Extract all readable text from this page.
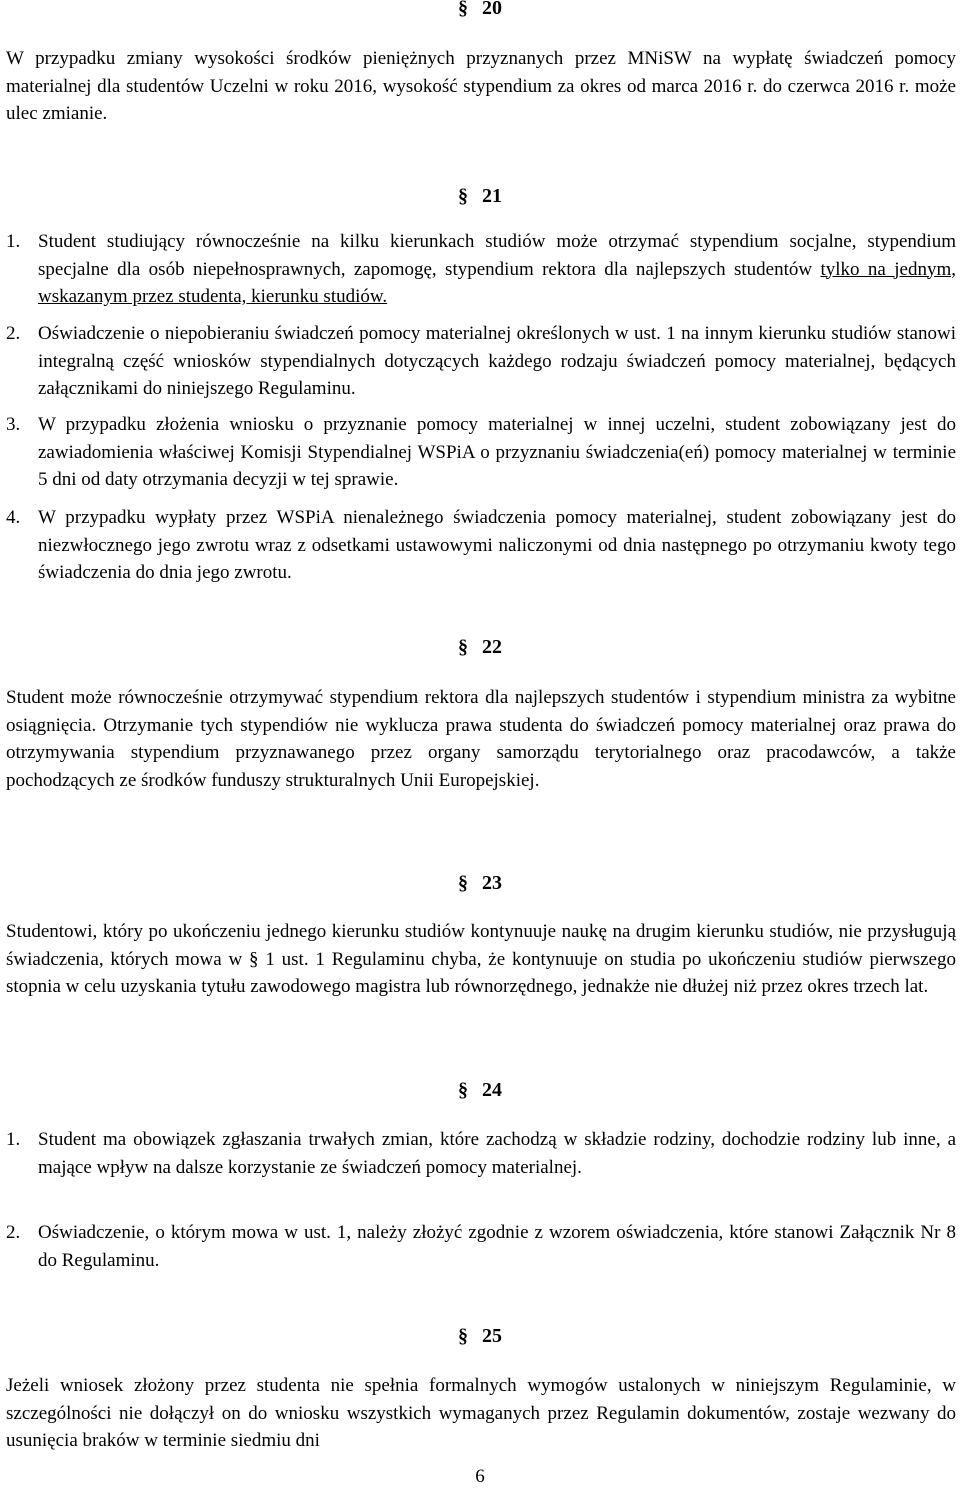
§ 20

W przypadku zmiany wysokości środków pieniężnych przyznanych przez MNiSW na wypłatę świadczeń pomocy materialnej dla studentów Uczelni w roku 2016, wysokość stypendium za okres od marca 2016 r. do czerwca 2016 r. może ulec zmianie.

§ 21
1. Student studiujący równocześnie na kilku kierunkach studiów może otrzymać stypendium socjalne, stypendium specjalne dla osób niepełnosprawnych, zapomogę, stypendium rektora dla najlepszych studentów tylko na jednym, wskazanym przez studenta, kierunku studiów.
2. Oświadczenie o niepobieraniu świadczeń pomocy materialnej określonych w ust. 1 na innym kierunku studiów stanowi integralną część wniosków stypendialnych dotyczących każdego rodzaju świadczeń pomocy materialnej, będących załącznikami do niniejszego Regulaminu.
3. W przypadku złożenia wniosku o przyznanie pomocy materialnej w innej uczelni, student zobowiązany jest do zawiadomienia właściwej Komisji Stypendialnej WSPiA o przyznaniu świadczenia(eń) pomocy materialnej w terminie 5 dni od daty otrzymania decyzji w tej sprawie.
4. W przypadku wypłaty przez WSPiA nienależnego świadczenia pomocy materialnej, student zobowiązany jest do niezwłocznego jego zwrotu wraz z odsetkami ustawowymi naliczonymi od dnia następnego po otrzymaniu kwoty tego świadczenia do dnia jego zwrotu.
§ 22

Student może równocześnie otrzymywać stypendium rektora dla najlepszych studentów i stypendium ministra za wybitne osiągnięcia. Otrzymanie tych stypendiów nie wyklucza prawa studenta do świadczeń pomocy materialnej oraz prawa do otrzymywania stypendium przyznawanego przez organy samorządu terytorialnego oraz pracodawców, a także pochodzących ze środków funduszy strukturalnych Unii Europejskiej.

§ 23

Studentowi, który po ukończeniu jednego kierunku studiów kontynuuje naukę na drugim kierunku studiów, nie przysługują świadczenia, których mowa w § 1 ust. 1 Regulaminu chyba, że kontynuuje on studia po ukończeniu studiów pierwszego stopnia w celu uzyskania tytułu zawodowego magistra lub równorzędnego, jednakże nie dłużej niż przez okres trzech lat.

§ 24
1. Student ma obowiązek zgłaszania trwałych zmian, które zachodzą w składzie rodziny, dochodzie rodziny lub inne, a mające wpływ na dalsze korzystanie ze świadczeń pomocy materialnej.
2. Oświadczenie, o którym mowa w ust. 1, należy złożyć zgodnie z wzorem oświadczenia, które stanowi Załącznik Nr 8 do Regulaminu.
§ 25

Jeżeli wniosek złożony przez studenta nie spełnia formalnych wymogów ustalonych w niniejszym Regulaminie, w szczególności nie dołączył on do wniosku wszystkich wymaganych przez Regulamin dokumentów, zostaje wezwany do usunięcia braków w terminie siedmiu dni

6
